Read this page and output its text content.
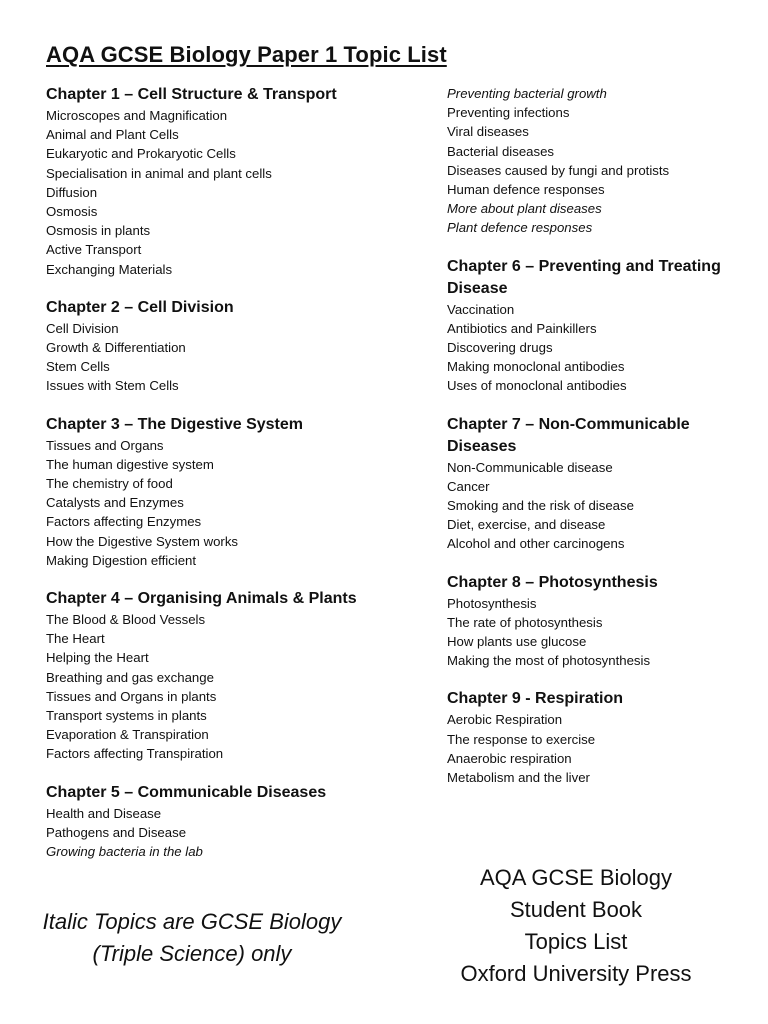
AQA GCSE Biology Paper 1 Topic List
Chapter 1 – Cell Structure & Transport
Microscopes and Magnification
Animal and Plant Cells
Eukaryotic and Prokaryotic Cells
Specialisation in animal and plant cells
Diffusion
Osmosis
Osmosis in plants
Active Transport
Exchanging Materials
Chapter 2 – Cell Division
Cell Division
Growth & Differentiation
Stem Cells
Issues with Stem Cells
Chapter 3 – The Digestive System
Tissues and Organs
The human digestive system
The chemistry of food
Catalysts and Enzymes
Factors affecting Enzymes
How the Digestive System works
Making Digestion efficient
Chapter 4 – Organising Animals & Plants
The Blood & Blood Vessels
The Heart
Helping the Heart
Breathing and gas exchange
Tissues and Organs in plants
Transport systems in plants
Evaporation & Transpiration
Factors affecting Transpiration
Chapter 5 – Communicable Diseases
Health and Disease
Pathogens and Disease
Growing bacteria in the lab
Preventing bacterial growth
Preventing infections
Viral diseases
Bacterial diseases
Diseases caused by fungi and protists
Human defence responses
More about plant diseases
Plant defence responses
Chapter 6 – Preventing and Treating Disease
Vaccination
Antibiotics and Painkillers
Discovering drugs
Making monoclonal antibodies
Uses of monoclonal antibodies
Chapter 7 – Non-Communicable Diseases
Non-Communicable disease
Cancer
Smoking and the risk of disease
Diet, exercise, and disease
Alcohol and other carcinogens
Chapter 8 – Photosynthesis
Photosynthesis
The rate of photosynthesis
How plants use glucose
Making the most of photosynthesis
Chapter 9 - Respiration
Aerobic Respiration
The response to exercise
Anaerobic respiration
Metabolism and the liver
Italic Topics are GCSE Biology (Triple Science) only
AQA GCSE Biology
Student Book
Topics List
Oxford University Press
